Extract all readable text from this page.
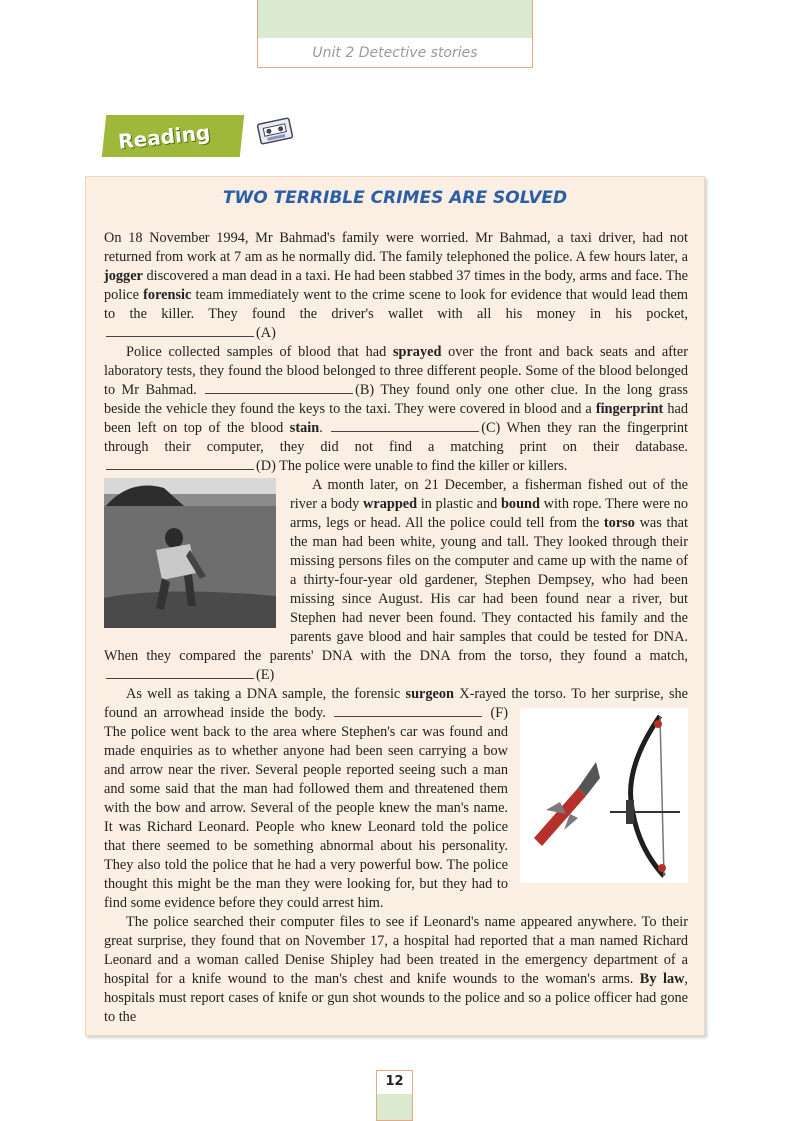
Unit 2 Detective stories
Reading
TWO TERRIBLE CRIMES ARE SOLVED

On 18 November 1994, Mr Bahmad's family were worried. Mr Bahmad, a taxi driver, had not returned from work at 7 am as he normally did. The family telephoned the police. A few hours later, a jogger discovered a man dead in a taxi. He had been stabbed 37 times in the body, arms and face. The police forensic team immediately went to the crime scene to look for evidence that would lead them to the killer. They found the driver's wallet with all his money in his pocket, (A)

Police collected samples of blood that had sprayed over the front and back seats and after laboratory tests, they found the blood belonged to three different people. Some of the blood belonged to Mr Bahmad.	(B) They found only one other clue. In the long grass beside the vehicle they found the keys to the taxi. They were covered in blood and a fingerprint had been left on top of the blood stain.	(C) When they ran the fingerprint through their computer, they did not find a matching print on their database. (D) The police were unable to find the killer or killers.

A month later, on 21 December, a fisherman fished out of the river a body wrapped in plastic and bound with rope. There were no arms, legs or head. All the police could tell from the torso was that the man had been white, young and tall. They looked through their missing persons files on the computer and came up with the name of a thirty-four-year old gardener, Stephen Dempsey, who had been missing since August. His car had been found near a river, but Stephen had never been found. They contacted his family and the parents gave blood and hair samples that could be tested for DNA. When they compared the parents' DNA with the DNA from the torso, they found a match, (E)

As well as taking a DNA sample, the forensic surgeon X-rayed the torso. To her surprise, she found an arrowhead inside the body.	(F) The police went back to the area where Stephen's car was found and made enquiries as to whether anyone had been seen carrying a bow and arrow near the river. Several people reported seeing such a man and some said that the man had followed them and threatened them with the bow and arrow. Several of the people knew the man's name. It was Richard Leonard. People who knew Leonard told the police that there seemed to be something abnormal about his personality. They also told the police that he had a very powerful bow. The police thought this might be the man they were looking for, but they had to find some evidence before they could arrest him.

The police searched their computer files to see if Leonard's name appeared anywhere. To their great surprise, they found that on November 17, a hospital had reported that a man named Richard Leonard and a woman called Denise Shipley had been treated in the emergency department of a hospital for a knife wound to the man's chest and knife wounds to the woman's arms. By law, hospitals must report cases of knife or gun shot wounds to the police and so a police officer had gone to the

12
